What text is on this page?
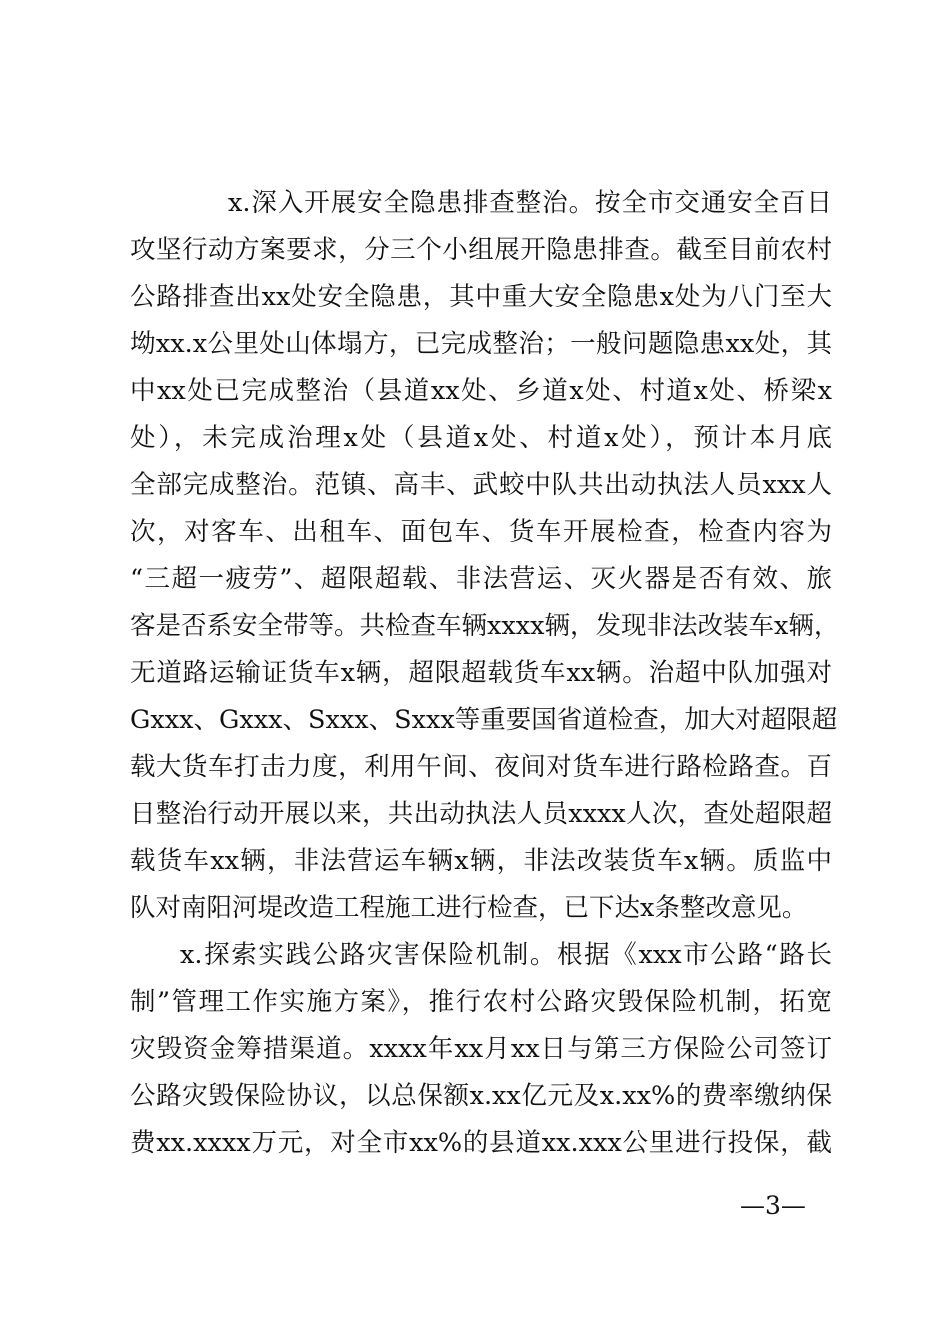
x.深入开展安全隐患排查整治。按全市交通安全百日
攻坚行动方案要求，分三个小组展开隐患排查。截至目前农村
公路排查出xx处安全隐患，其中重大安全隐患x处为八门至大
坳xx.x公里处山体塌方，已完成整治；一般问题隐患xx处，其
中xx处已完成整治（县道xx处、乡道x处、村道x处、桥梁x
处），未完成治理x处（县道x处、村道x处），预计本月底
全部完成整治。范镇、高丰、武蛟中队共出动执法人员xxx人
次，对客车、出租车、面包车、货车开展检查，检查内容为
“三超一疲劳”、超限超载、非法营运、灭火器是否有效、旅
客是否系安全带等。共检查车辆xxxx辆，发现非法改装车x辆，
无道路运输证货车x辆，超限超载货车xx辆。治超中队加强对
Gxxx、Gxxx、Sxxx、Sxxx等重要国省道检查，加大对超限超
载大货车打击力度，利用午间、夜间对货车进行路检路查。百
日整治行动开展以来，共出动执法人员xxxx人次，查处超限超
载货车xx辆，非法营运车辆x辆，非法改装货车x辆。质监中
队对南阳河堤改造工程施工进行检查，已下达x条整改意见。
x.探索实践公路灾害保险机制。根据《xxx市公路“路长
制”管理工作实施方案》，推行农村公路灾毁保险机制，拓宽
灾毁资金筹措渠道。xxxx年xx月xx日与第三方保险公司签订
公路灾毁保险协议，以总保额x.xx亿元及x.xx%的费率缴纳保
费xx.xxxx万元，对全市xx%的县道xx.xxx公里进行投保，截
—3—
